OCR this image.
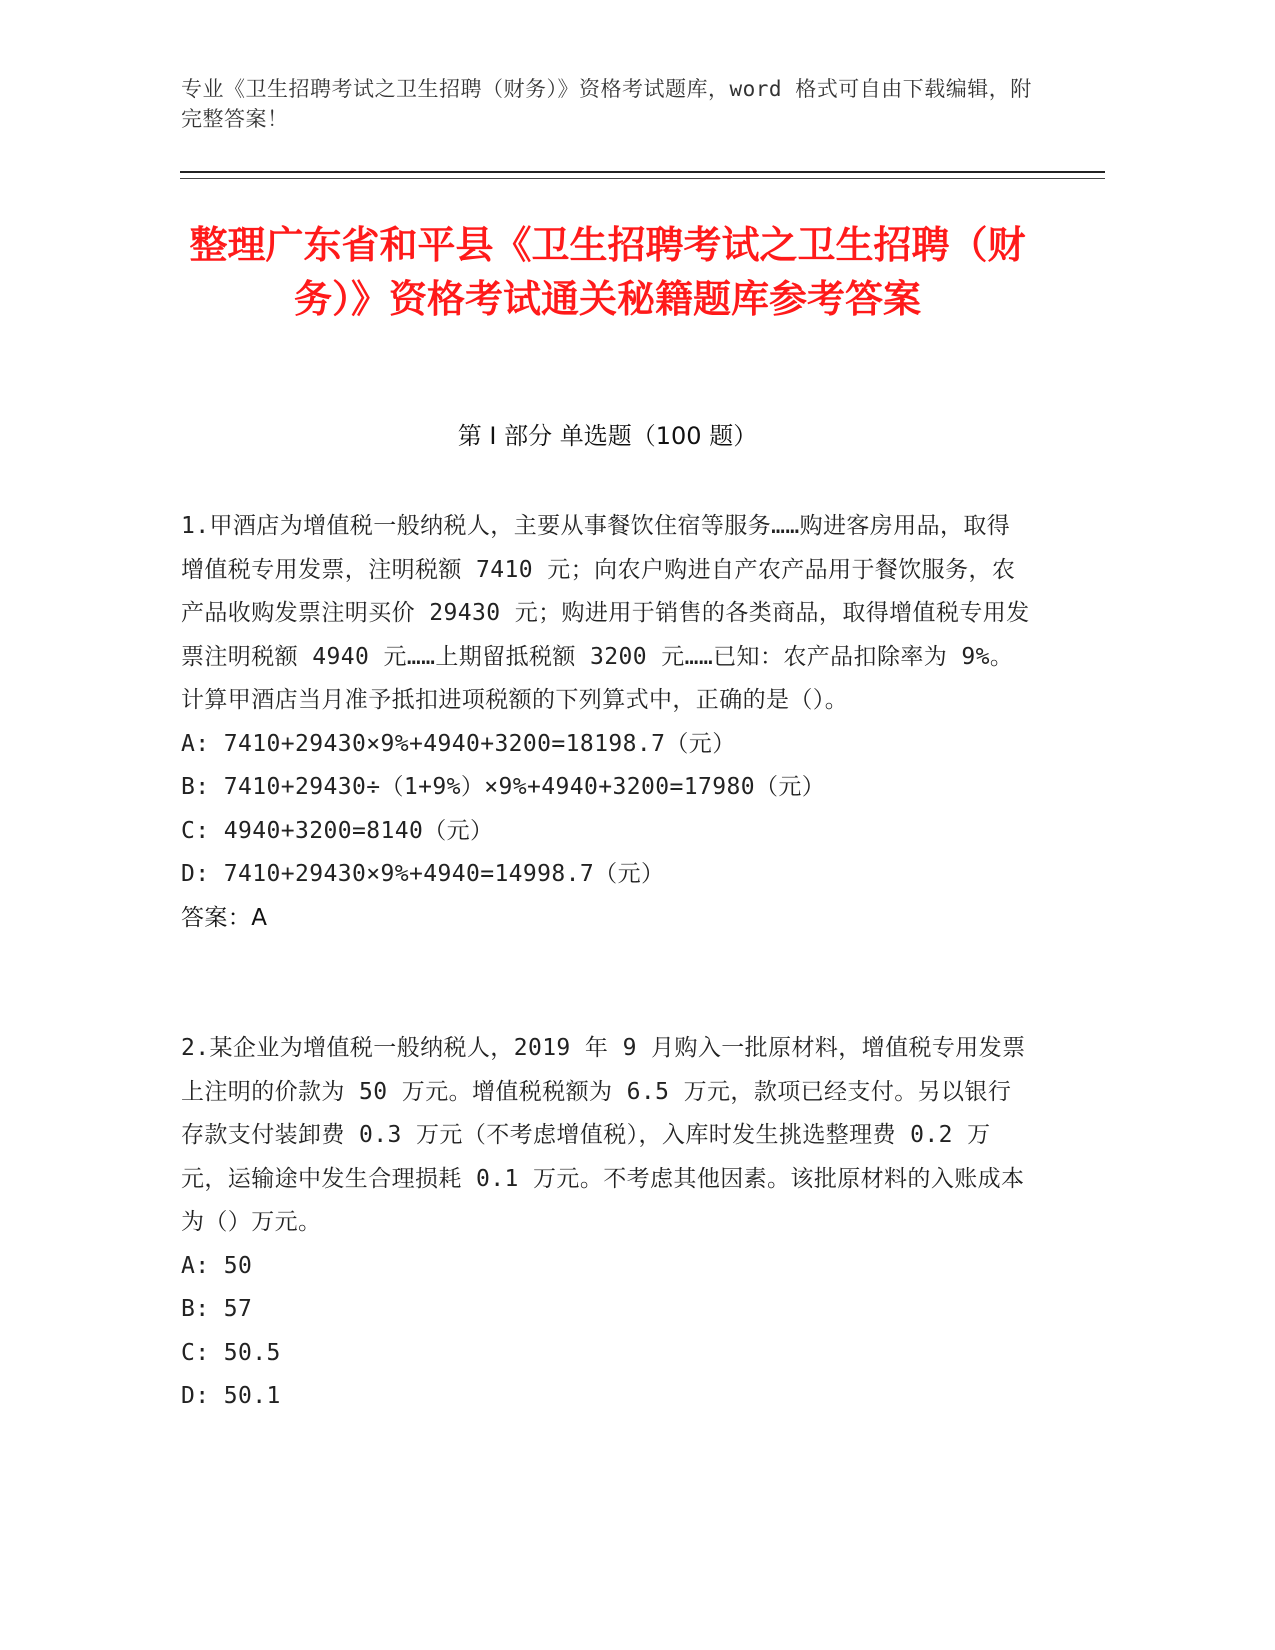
专业《卫生招聘考试之卫生招聘（财务）》资格考试题库，word 格式可自由下载编辑，附完整答案！
整理广东省和平县《卫生招聘考试之卫生招聘（财务）》资格考试通关秘籍题库参考答案
第 I 部分 单选题（100 题）

1.甲酒店为增值税一般纳税人，主要从事餐饮住宿等服务……购进客房用品，取得增值税专用发票，注明税额 7410 元；向农户购进自产农产品用于餐饮服务，农产品收购发票注明买价 29430 元；购进用于销售的各类商品，取得增值税专用发票注明税额 4940 元……上期留抵税额 3200 元……已知：农产品扣除率为 9%。计算甲酒店当月准予抵扣进项税额的下列算式中，正确的是（）。

A: 7410+29430×9%+4940+3200=18198.7（元）

B: 7410+29430÷（1+9%）×9%+4940+3200=17980（元）

C: 4940+3200=8140（元）

D: 7410+29430×9%+4940=14998.7（元）

答案：A

2.某企业为增值税一般纳税人，2019 年 9 月购入一批原材料，增值税专用发票上注明的价款为 50 万元。增值税税额为 6.5 万元，款项已经支付。另以银行存款支付装卸费 0.3 万元（不考虑增值税），入库时发生挑选整理费 0.2 万元，运输途中发生合理损耗 0.1 万元。不考虑其他因素。该批原材料的入账成本为（）万元。

A: 50

B: 57

C: 50.5

D: 50.1
